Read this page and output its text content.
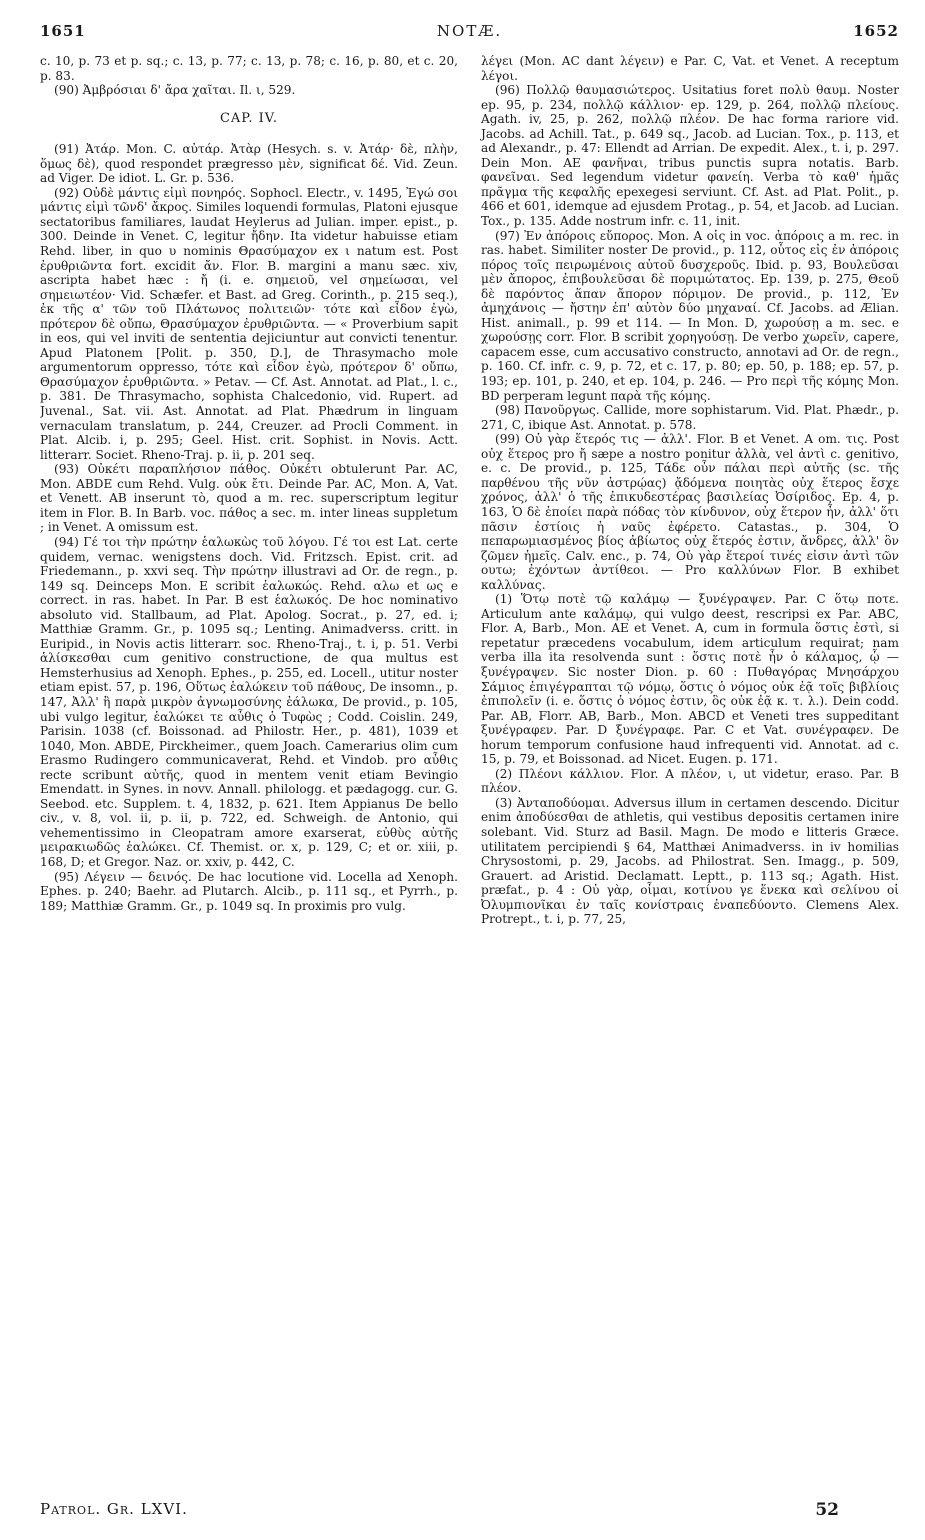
1651	NOTÆ.	1652

c. 10, p. 73 et p. sq.; c. 13, p. 77; c. 13, p. 78; c. 16, p. 80, et c. 20, p. 83.

(90) Ἀμβρόσιαι δ' ἄρα χαῖται. Il. ι, 529.

CAP. IV.

(91) Ἀτάρ. Mon. C. αὐτάρ. Ἀτὰρ (Hesych. s. v. Ἀτάρ· δὲ, πλὴν, ὅμως δὲ), quod respondet prægresso μὲν, significat δέ. Vid. Zeun. ad Viger. De idiot. L. Gr. p. 536.

(92) Οὐδὲ μάντις εἰμὶ πονηρός. Sophocl. Electr., v. 1495, Ἐγώ σοι μάντις εἰμὶ τῶνδ' ἄκρος. Similes loquendi formulas, Platoni ejusque sectatoribus familiares, laudat Heylerus ad Julian. imper. epist., p. 300. Deinde in Venet. C, legitur ἤδην. Ita videtur habuisse etiam Rehd. liber, in quo υ nominis Θρασύμαχον ex ι natum est. Post ἐρυθριῶντα fort. excidit ἄν. Flor. B. margini a manu sæc. xiv, ascripta habet hæc : ἤ (i. e. σημειοῦ, vel σημείωσαι, vel σημειωτέον· Vid. Schæfer. et Bast. ad Greg. Corinth., p. 215 seq.), ἐκ τῆς α' τῶν τοῦ Πλάτωνος πολιτειῶν· τότε καὶ εἶδον ἐγὼ, πρότερον δὲ οὔπω, Θρασύμαχον ἐρυθριῶντα. — « Proverbium sapit in eos, qui vel inviti de sententia dejiciuntur aut convicti tenentur. Apud Platonem [Polit. p. 350, D.], de Thrasymacho mole argumentorum oppresso, τότε καὶ εἶδον ἐγὼ, πρότερον δ' οὔπω, Θρασύμαχον ἐρυθριῶντα. » Petav. — Cf. Ast. Annotat. ad Plat., l. c., p. 381. De Thrasymacho, sophista Chalcedonio, vid. Rupert. ad Juvenal., Sat. vii. Ast. Annotat. ad Plat. Phædrum in linguam vernaculam translatum, p. 244, Creuzer. ad Procli Comment. in Plat. Alcib. i, p. 295; Geel. Hist. crit. Sophist. in Novis. Actt. litterarr. Societ. Rheno-Traj. p. ii, p. 201 seq.

(93) Οὐκέτι παραπλήσιον πάθος. Οὐκέτι obtulerunt Par. AC, Mon. ABDE cum Rehd. Vulg. οὐκ ἔτι. Deinde Par. AC, Mon. A, Vat. et Venett. AB inserunt τὸ, quod a m. rec. superscriptum legitur item in Flor. B. In Barb. voc. πάθος a sec. m. inter lineas suppletum ; in Venet. A omissum est.

(94) Γέ τοι τὴν πρώτην ἑαλωκὼς τοῦ λόγου. Γέ τοι est Lat. certe quidem, vernac. wenigstens doch. Vid. Fritzsch. Epist. crit. ad Friedemann., p. xxvi seq. Τὴν πρώτην illustravi ad Or. de regn., p. 149 sq. Deinceps Mon. E scribit ἑαλωκώς. Rehd. αλω et ως e correct. in ras. habet. In Par. B est ἑαλωκός. De hoc nominativo absoluto vid. Stallbaum, ad Plat. Apolog. Socrat., p. 27, ed. i; Matthiæ Gramm. Gr., p. 1095 sq.; Lenting. Animadverss. critt. in Euripid., in Novis actis litterarr. soc. Rheno-Traj., t. i, p. 51. Verbi ἁλίσκεσθαι cum genitivo constructione, de qua multus est Hemsterhusius ad Xenoph. Ephes., p. 255, ed. Locell., utitur noster etiam epist. 57, p. 196, Οὕτως ἑαλώκειν τοῦ πάθους, De insomn., p. 147, Ἀλλ' ἢ παρὰ μικρὸν ἀγνωμοσύνης ἑάλωκα, De provid., p. 105, ubi vulgo legitur, ἑαλώκει τε αὖθις ὁ Τυφὼς ; Codd. Coislin. 249, Parisin. 1038 (cf. Boissonad. ad Philostr. Her., p. 481), 1039 et 1040, Mon. ABDE, Pirckheimer., quem Joach. Camerarius olim cum Erasmo Rudingero communicaverat, Rehd. et Vindob. pro αὖθις recte scribunt αὐτῆς, quod in mentem venit etiam Bevingio Emendatt. in Synes. in novv. Annall. philologg. et pædagogg. cur. G. Seebod. etc. Supplem. t. 4, 1832, p. 621. Item Appianus De bello civ., v. 8, vol. ii, p. ii, p. 722, ed. Schweigh. de Antonio, qui vehementissimo in Cleopatram amore exarserat, εὐθὺς αὐτῆς μειρακιωδῶς ἑαλώκει. Cf. Themist. or. x, p. 129, C; et or. xiii, p. 168, D; et Gregor. Naz. or. xxiv, p. 442, C.

(95) Λέγειν — δεινός. De hac locutione vid. Locella ad Xenoph. Ephes. p. 240; Baehr. ad Plutarch. Alcib., p. 111 sq., et Pyrrh., p. 189; Matthiæ Gramm. Gr., p. 1049 sq. In proximis pro vulg.

λέγει (Mon. AC dant λέγειν) e Par. C, Vat. et Venet. A receptum λέγοι.

(96) Πολλῷ θαυμασιώτερος. Usitatius foret πολὺ θαυμ. Noster ep. 95, p. 234, πολλῷ κάλλιον· ep. 129, p. 264, πολλῷ πλείους. Agath. iv, 25, p. 262, πολλῷ πλέον. De hac forma rariore vid. Jacobs. ad Achill. Tat., p. 649 sq., Jacob. ad Lucian. Tox., p. 113, et ad Alexandr., p. 47: Ellendt ad Arrian. De expedit. Alex., t. i, p. 297. Dein Mon. AE φανῆναι, tribus punctis supra notatis. Barb. φανεῖναι. Sed legendum videtur φανείη. Verba τὸ καθ' ἡμᾶς πρᾶγμα τῆς κεφαλῆς epexegesi serviunt. Cf. Ast. ad Plat. Polit., p. 466 et 601, idemque ad ejusdem Protag., p. 54, et Jacob. ad Lucian. Tox., p. 135. Adde nostrum infr. c. 11, init.

(97) Ἐν ἀπόροις εὔπορος. Mon. A οἱς in voc. ἀπόροις a m. rec. in ras. habet. Similiter noster De provid., p. 112, οὗτος εἰς ἐν ἀπόροις πόρος τοῖς πειρωμένοις αὐτοῦ δυσχεροῦς. Ibid. p. 93, Βουλεῦσαι μὲν ἄπορος, ἐπιβουλεῦσαι δὲ ποριμώτατος. Ep. 139, p. 275, Θεοῦ δὲ παρόντος ἅπαν ἄπορον πόριμον. De provid., p. 112, Ἐν ἀμηχάνοις — ἤστην ἐπ' αὐτὸν δύο μηχαναί. Cf. Jacobs. ad Ælian. Hist. animall., p. 99 et 114. — In Mon. D, χωρούσῃ a m. sec. e χωρούσῃς corr. Flor. B scribit χορηγούσῃ. De verbo χωρεῖν, capere, capacem esse, cum accusativo constructo, annotavi ad Or. de regn., p. 160. Cf. infr. c. 9, p. 72, et c. 17, p. 80; ep. 50, p. 188; ep. 57, p. 193; ep. 101, p. 240, et ep. 104, p. 246. — Pro περὶ τῆς κόμης Mon. BD perperam legunt παρὰ τῆς κόμης.

(98) Πανοῦργως. Callide, more sophistarum. Vid. Plat. Phædr., p. 271, C, ibique Ast. Annotat. p. 578.

(99) Οὐ γὰρ ἕτερός τις — ἀλλ'. Flor. B et Venet. A om. τις. Post οὐχ ἕτερος pro ἤ sæpe a nostro ponitur ἀλλὰ, vel ἀντὶ c. genitivo, e. c. De provid., p. 125, Τάδε οὖν πάλαι περὶ αὐτῆς (sc. τῆς παρθένου τῆς νῦν ἀστρῴας) ᾄδόμενα ποιητὰς οὐχ ἕτερος ἔσχε χρόνος, ἀλλ' ὁ τῆς ἐπικυδεστέρας βασιλείας Ὀσίριδος. Ep. 4, p. 163, Ὁ δὲ ἐποίει παρὰ πόδας τὸν κίνδυνον, οὐχ ἕτερον ἦν, ἀλλ' ὅτι πᾶσιν ἐστίοις ἡ ναῦς ἐφέρετο. Catastas., p. 304, Ὁ πεπαρωμιασμένος βίος ἀβίωτος οὐχ ἕτερός ἐστιν, ἄνδρες, ἀλλ' ὃν ζῶμεν ἡμεῖς. Calv. enc., p. 74, Οὐ γὰρ ἕτεροί τινές εἰσιν ἀντὶ τῶν ουτω; ἐχόντων ἀντίθεοι. — Pro καλλύνων Flor. B exhibet καλλύνας.

(1) Ὅτῳ ποτὲ τῷ καλάμῳ — ξυνέγραψεν. Par. C ὅτῳ ποτε. Articulum ante καλάμῳ, qui vulgo deest, rescripsi ex Par. ABC, Flor. A, Barb., Mon. AE et Venet. A, cum in formula ὅστις ἐστὶ, si repetatur præcedens vocabulum, idem articulum requirat; nam verba illa ita resolvenda sunt : ὅστις ποτὲ ἦν ὁ κάλαμος, ᾧ — ξυνέγραψεν. Sic noster Dion. p. 60 : Πυθαγόρας Μνησάρχου Σάμιος ἐπιγέγραπται τῷ νόμῳ, ὅστις ὁ νόμος οὐκ ἐᾷ τοῖς βιβλίοις ἐπιπολεῖν (i. e. ὅστις ὁ νόμος ἐστιν, ὃς οὐκ ἐᾷ κ. τ. λ.). Dein codd. Par. AB, Florr. AB, Barb., Mon. ABCD et Veneti tres suppeditant ξυνέγραφεν. Par. D ξυνέγραφε. Par. C et Vat. συνέγραφεν. De horum temporum confusione haud infrequenti vid. Annotat. ad c. 15, p. 79, et Boissonad. ad Nicet. Eugen. p. 171.

(2) Πλέονι κάλλιον. Flor. A πλέον, ι, ut videtur, eraso. Par. B πλέον.

(3) Ἀνταποδύομαι. Adversus illum in certamen descendo. Dicitur enim ἀποδύεσθαι de athletis, qui vestibus depositis certamen inire solebant. Vid. Sturz ad Basil. Magn. De modo e litteris Græce. utilitatem percipiendi § 64, Matthæi Animadverss. in iv homilias Chrysostomi, p. 29, Jacobs. ad Philostrat. Sen. Imagg., p. 509, Grauert. ad Aristid. Declamatt. Leptt., p. 113 sq.; Agath. Hist. præfat., p. 4 : Οὐ γὰρ, οἶμαι, κοτίνου γε ἕνεκα καὶ σελίνου οἱ Ὀλυμπιονῖκαι ἐν ταῖς κονίστραις ἐναπεδύοντο. Clemens Alex. Protrept., t. i, p. 77, 25,

Patrol. Gr. LXVI.	52
